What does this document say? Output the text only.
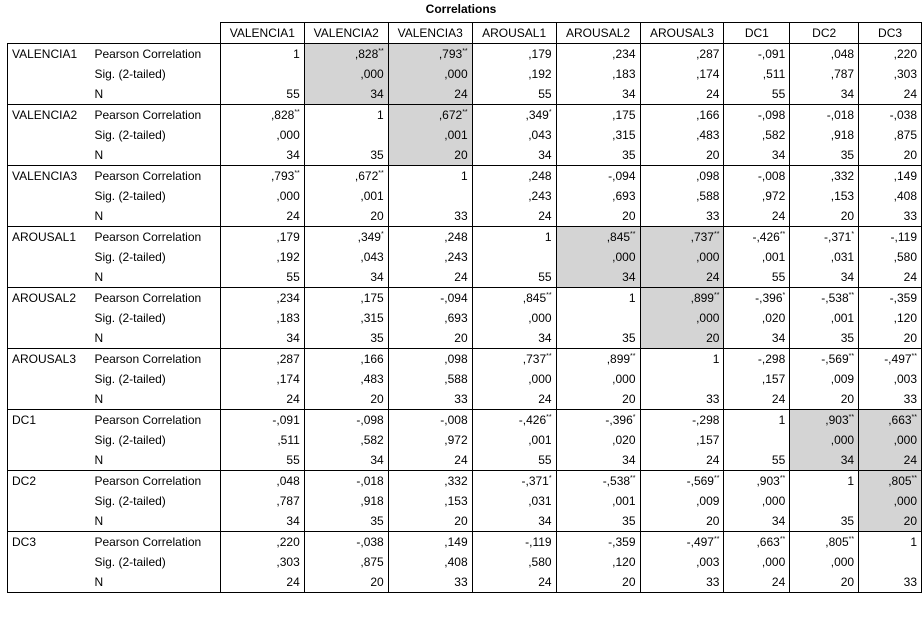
Correlations
		VALENCIA1	VALENCIA2	VALENCIA3	AROUSAL1	AROUSAL2	AROUSAL3	DC1	DC2	DC3
VALENCIA1	Pearson Correlation	1	,828**	,793**	,179	,234	,287	-,091	,048	,220
	Sig. (2-tailed)		,000	,000	,192	,183	,174	,511	,787	,303
	N	55	34	24	55	34	24	55	34	24
VALENCIA2	Pearson Correlation	,828**	1	,672**	,349*	,175	,166	-,098	-,018	-,038
	Sig. (2-tailed)	,000		,001	,043	,315	,483	,582	,918	,875
	N	34	35	20	34	35	20	34	35	20
VALENCIA3	Pearson Correlation	,793**	,672**	1	,248	-,094	,098	-,008	,332	,149
	Sig. (2-tailed)	,000	,001		,243	,693	,588	,972	,153	,408
	N	24	20	33	24	20	33	24	20	33
AROUSAL1	Pearson Correlation	,179	,349*	,248	1	,845**	,737**	-,426**	-,371*	-,119
	Sig. (2-tailed)	,192	,043	,243		,000	,000	,001	,031	,580
	N	55	34	24	55	34	24	55	34	24
AROUSAL2	Pearson Correlation	,234	,175	-,094	,845**	1	,899**	-,396*	-,538**	-,359
	Sig. (2-tailed)	,183	,315	,693	,000		,000	,020	,001	,120
	N	34	35	20	34	35	20	34	35	20
AROUSAL3	Pearson Correlation	,287	,166	,098	,737**	,899**	1	-,298	-,569**	-,497**
	Sig. (2-tailed)	,174	,483	,588	,000	,000		,157	,009	,003
	N	24	20	33	24	20	33	24	20	33
DC1	Pearson Correlation	-,091	-,098	-,008	-,426**	-,396*	-,298	1	,903**	,663**
	Sig. (2-tailed)	,511	,582	,972	,001	,020	,157		,000	,000
	N	55	34	24	55	34	24	55	34	24
DC2	Pearson Correlation	,048	-,018	,332	-,371*	-,538**	-,569**	,903**	1	,805**
	Sig. (2-tailed)	,787	,918	,153	,031	,001	,009	,000		,000
	N	34	35	20	34	35	20	34	35	20
DC3	Pearson Correlation	,220	-,038	,149	-,119	-,359	-,497**	,663**	,805**	1
	Sig. (2-tailed)	,303	,875	,408	,580	,120	,003	,000	,000	
	N	24	20	33	24	20	33	24	20	33
